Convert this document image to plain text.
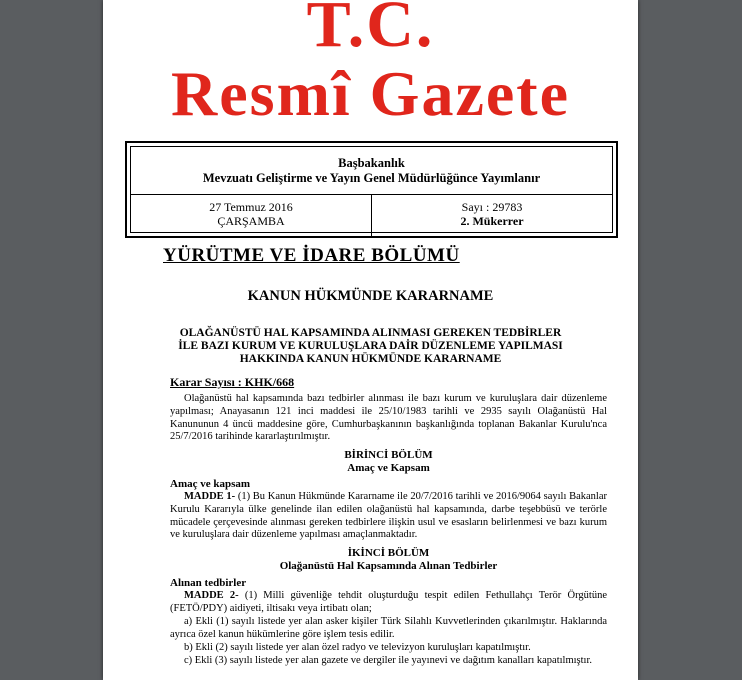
T.C.
Resmî Gazete
Başbakanlık
Mevzuatı Geliştirme ve Yayın Genel Müdürlüğünce Yayımlanır
27 Temmuz 2016
ÇARŞAMBA
Sayı : 29783
2. Mükerrer
YÜRÜTME VE İDARE BÖLÜMÜ
KANUN HÜKMÜNDE KARARNAME
OLAĞANÜSTÜ HAL KAPSAMINDA ALINMASI GEREKEN TEDBİRLER
İLE BAZI KURUM VE KURULUŞLARA DAİR DÜZENLEME YAPILMASI
HAKKINDA KANUN HÜKMÜNDE KARARNAME
Karar Sayısı : KHK/668
Olağanüstü hal kapsamında bazı tedbirler alınması ile bazı kurum ve kuruluşlara dair düzenleme yapılması; Anayasanın 121 inci maddesi ile 25/10/1983 tarihli ve 2935 sayılı Olağanüstü Hal Kanununun 4 üncü maddesine göre, Cumhurbaşkanının başkanlığında toplanan Bakanlar Kurulu'nca 25/7/2016 tarihinde kararlaştırılmıştır.
BİRİNCİ BÖLÜM
Amaç ve Kapsam
Amaç ve kapsam
MADDE 1- (1) Bu Kanun Hükmünde Kararname ile 20/7/2016 tarihli ve 2016/9064 sayılı Bakanlar Kurulu Kararıyla ülke genelinde ilan edilen olağanüstü hal kapsamında, darbe teşebbüsü ve terörle mücadele çerçevesinde alınması gereken tedbirlere ilişkin usul ve esasların belirlenmesi ve bazı kurum ve kuruluşlara dair düzenleme yapılması amaçlanmaktadır.
İKİNCİ BÖLÜM
Olağanüstü Hal Kapsamında Alınan Tedbirler
Alınan tedbirler
MADDE 2- (1) Milli güvenliğe tehdit oluşturduğu tespit edilen Fethullahçı Terör Örgütüne (FETÖ/PDY) aidiyeti, iltisakı veya irtibatı olan;
a) Ekli (1) sayılı listede yer alan asker kişiler Türk Silahlı Kuvvetlerinden çıkarılmıştır. Haklarında ayrıca özel kanun hükümlerine göre işlem tesis edilir.
b) Ekli (2) sayılı listede yer alan özel radyo ve televizyon kuruluşları kapatılmıştır.
c) Ekli (3) sayılı listede yer alan gazete ve dergiler ile yayınevi ve dağıtım kanalları kapatılmıştır.
